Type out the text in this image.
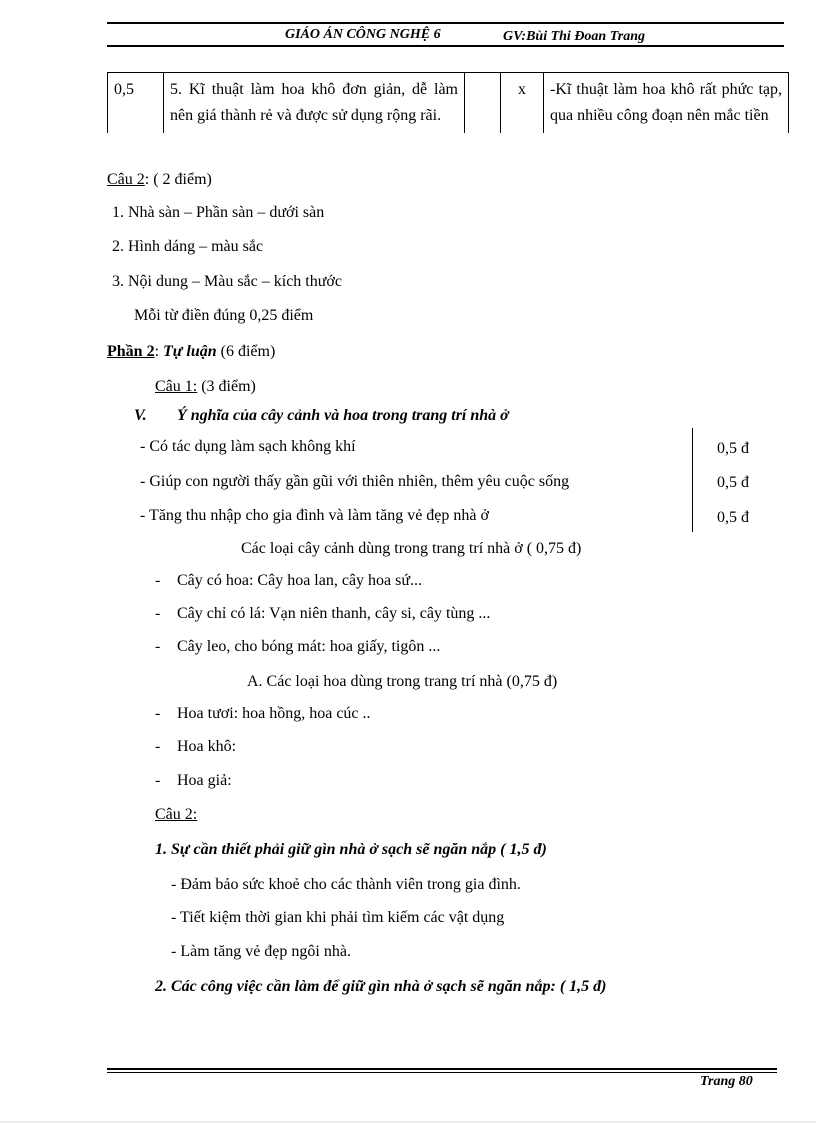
GIÁO ÁN CÔNG NGHỆ 6	GV:Bùi Thi Đoan Trang
0,5	5. Kĩ thuật làm hoa khô đơn giản, dễ làm nên giá thành rẻ và được sử dụng rộng rãi.		x	-Kĩ thuật làm hoa khô rất phức tạp, qua nhiều công đoạn nên mắc tiền
Câu 2: ( 2 điểm)
1. Nhà sàn – Phần sàn – dưới sàn
2. Hình dáng – màu sắc
3. Nội dung – Màu sắc – kích thước
Mỗi từ điền đúng 0,25 điểm
Phần 2: Tự luận (6 điểm)
Câu 1: (3 điểm)
V. Ý nghĩa của cây cảnh và hoa trong trang trí nhà ở
- Có tác dụng làm sạch không khí	0,5 đ
- Giúp con người thấy gần gũi với thiên nhiên, thêm yêu cuộc sống	0,5 đ
- Tăng thu nhập cho gia đình và làm tăng vẻ đẹp nhà ở	0,5 đ
Các loại cây cảnh dùng trong trang trí nhà ở ( 0,75 đ)
- Cây có hoa: Cây hoa lan, cây hoa sứ...
- Cây chỉ có lá: Vạn niên thanh, cây si, cây tùng ...
- Cây leo, cho bóng mát: hoa giấy, tigôn ...
A. Các loại hoa dùng trong trang trí nhà (0,75 đ)
- Hoa tươi: hoa hồng, hoa cúc ..
- Hoa khô:
- Hoa giả:
Câu 2:
1. Sự cần thiết phải giữ gìn nhà ở sạch sẽ ngăn nắp ( 1,5 đ)
- Đảm bảo sức khoẻ cho các thành viên trong gia đình.
- Tiết kiệm thời gian khi phải tìm kiếm các vật dụng
- Làm tăng vẻ đẹp ngôi nhà.
2. Các công việc cần làm để giữ gìn nhà ở sạch sẽ ngăn nắp: ( 1,5 đ)
Trang 80
